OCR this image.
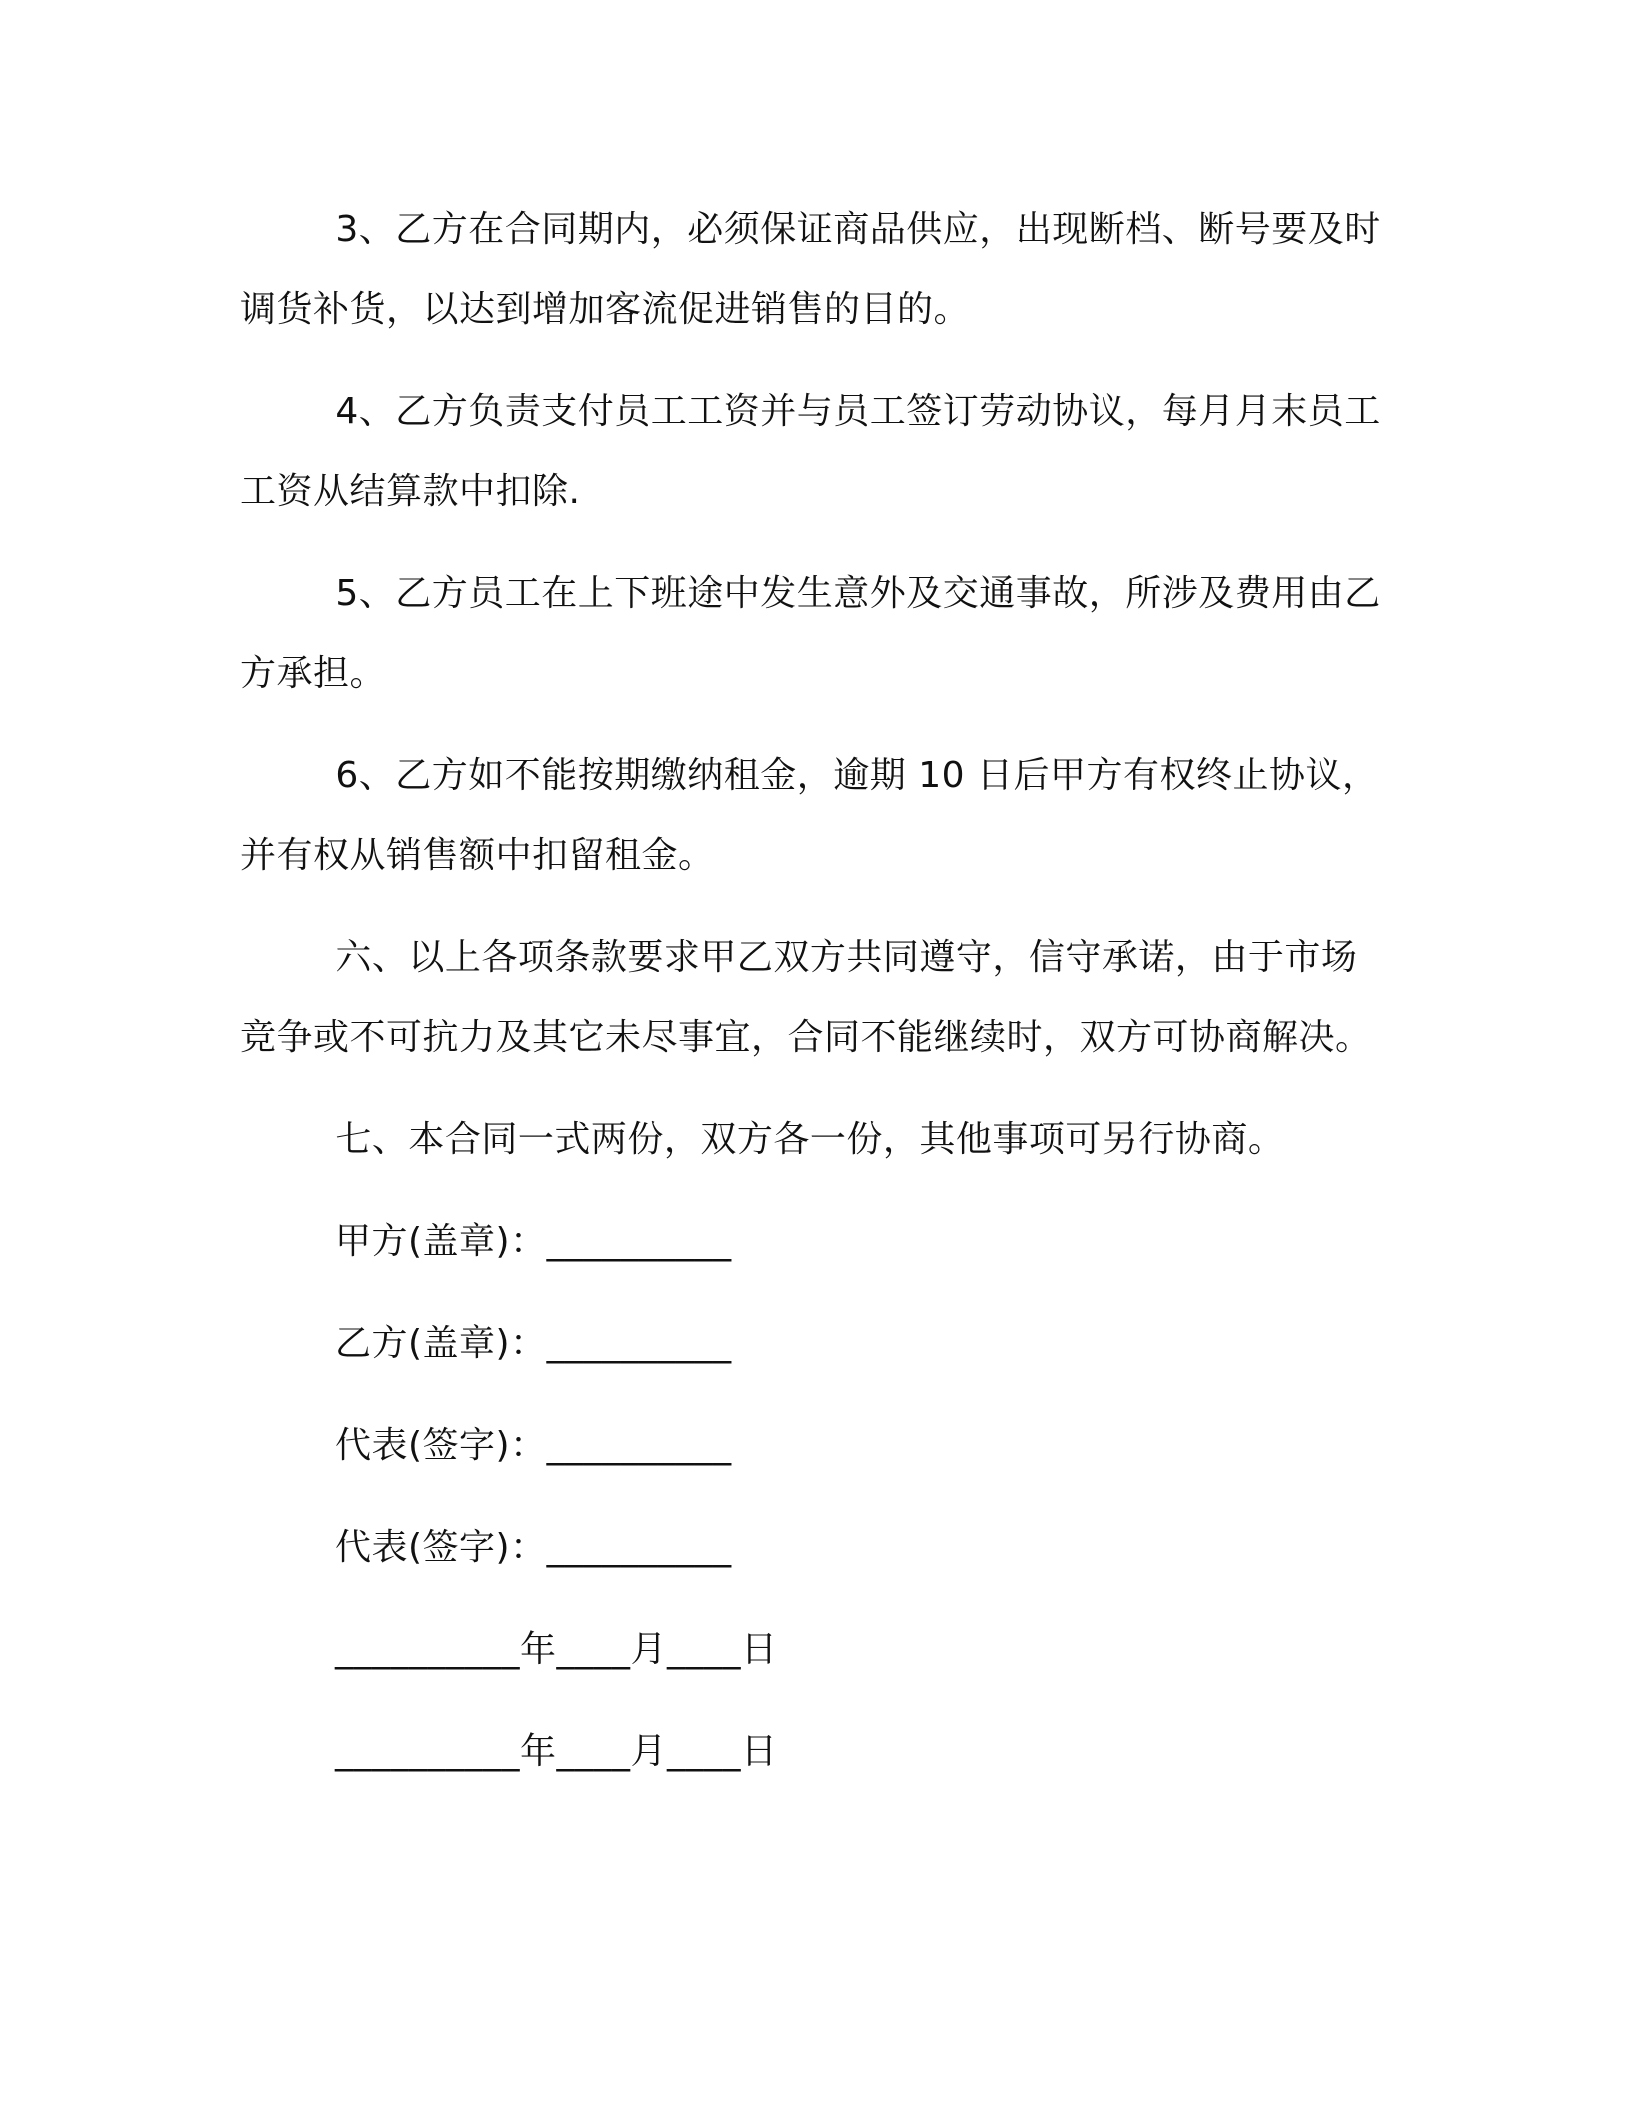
3、乙方在合同期内，必须保证商品供应，出现断档、断号要及时调货补货，以达到增加客流促进销售的目的。

4、乙方负责支付员工工资并与员工签订劳动协议，每月月末员工工资从结算款中扣除.

5、乙方员工在上下班途中发生意外及交通事故，所涉及费用由乙方承担。

6、乙方如不能按期缴纳租金，逾期 10 日后甲方有权终止协议，并有权从销售额中扣留租金。

六、以上各项条款要求甲乙双方共同遵守，信守承诺，由于市场竞争或不可抗力及其它未尽事宜，合同不能继续时，双方可协商解决。

七、本合同一式两份，双方各一份，其他事项可另行协商。

甲方(盖章)：__________
乙方(盖章)：__________
代表(签字)：__________
代表(签字)：__________
__________年____月____日
__________年____月____日
